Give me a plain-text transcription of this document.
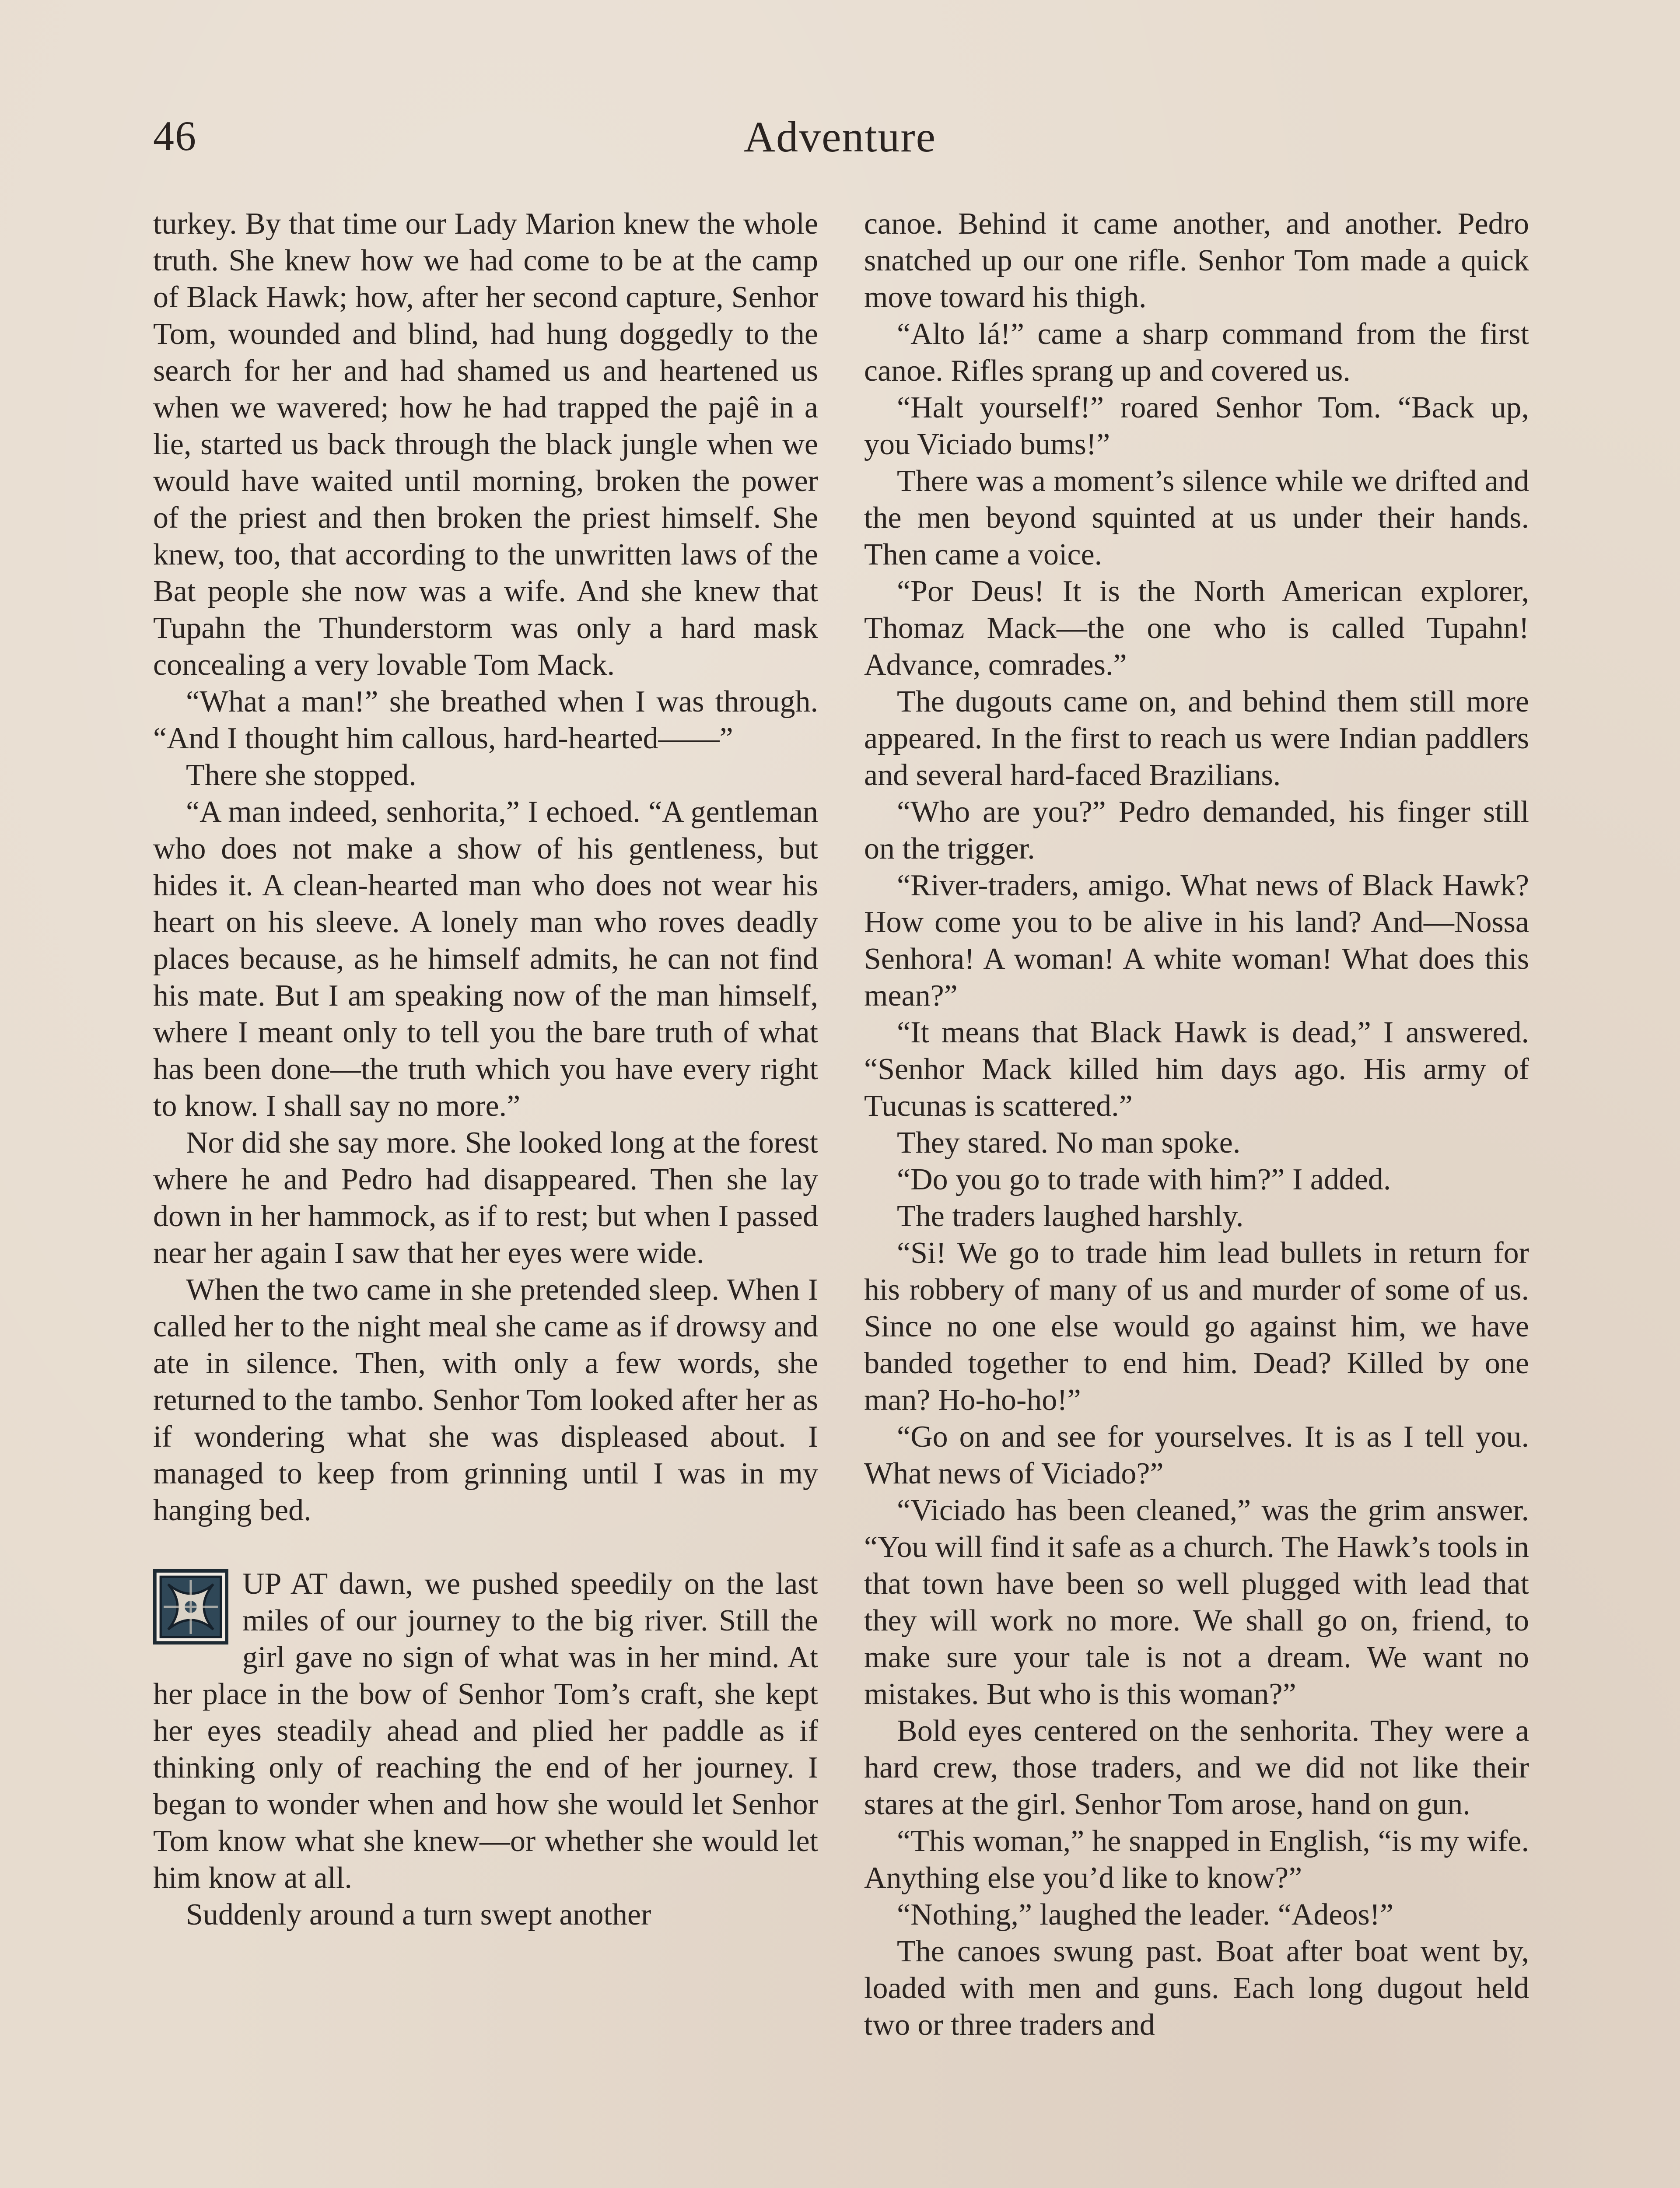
46	Adventure

turkey. By that time our Lady Marion knew the whole truth. She knew how we had come to be at the camp of Black Hawk; how, after her second capture, Senhor Tom, wounded and blind, had hung doggedly to the search for her and had shamed us and heartened us when we wavered; how he had trapped the pajê in a lie, started us back through the black jungle when we would have waited until morning, broken the power of the priest and then broken the priest himself. She knew, too, that according to the unwritten laws of the Bat people she now was a wife. And she knew that Tupahn the Thunderstorm was only a hard mask concealing a very lovable Tom Mack.

“What a man!” she breathed when I was through. “And I thought him callous, hard-hearted——”

There she stopped.

“A man indeed, senhorita,” I echoed. “A gentleman who does not make a show of his gentleness, but hides it. A clean-hearted man who does not wear his heart on his sleeve. A lonely man who roves deadly places because, as he himself admits, he can not find his mate. But I am speaking now of the man himself, where I meant only to tell you the bare truth of what has been done—the truth which you have every right to know. I shall say no more.”

Nor did she say more. She looked long at the forest where he and Pedro had disappeared. Then she lay down in her hammock, as if to rest; but when I passed near her again I saw that her eyes were wide.

When the two came in she pretended sleep. When I called her to the night meal she came as if drowsy and ate in silence. Then, with only a few words, she returned to the tambo. Senhor Tom looked after her as if wondering what she was displeased about. I managed to keep from grinning until I was in my hanging bed.

UP AT dawn, we pushed speedily on the last miles of our journey to the big river. Still the girl gave no sign of what was in her mind. At her place in the bow of Senhor Tom’s craft, she kept her eyes steadily ahead and plied her paddle as if thinking only of reaching the end of her journey. I began to wonder when and how she would let Senhor Tom know what she knew—or whether she would let him know at all.

Suddenly around a turn swept another

canoe. Behind it came another, and another. Pedro snatched up our one rifle. Senhor Tom made a quick move toward his thigh.

“Alto lá!” came a sharp command from the first canoe. Rifles sprang up and covered us.

“Halt yourself!” roared Senhor Tom. “Back up, you Viciado bums!”

There was a moment’s silence while we drifted and the men beyond squinted at us under their hands. Then came a voice.

“Por Deus! It is the North American explorer, Thomaz Mack—the one who is called Tupahn! Advance, comrades.”

The dugouts came on, and behind them still more appeared. In the first to reach us were Indian paddlers and several hard-faced Brazilians.

“Who are you?” Pedro demanded, his finger still on the trigger.

“River-traders, amigo. What news of Black Hawk? How come you to be alive in his land? And—Nossa Senhora! A woman! A white woman! What does this mean?”

“It means that Black Hawk is dead,” I answered. “Senhor Mack killed him days ago. His army of Tucunas is scattered.”

They stared. No man spoke.

“Do you go to trade with him?” I added.

The traders laughed harshly.

“Si! We go to trade him lead bullets in return for his robbery of many of us and murder of some of us. Since no one else would go against him, we have banded together to end him. Dead? Killed by one man? Ho-ho-ho!”

“Go on and see for yourselves. It is as I tell you. What news of Viciado?”

“Viciado has been cleaned,” was the grim answer. “You will find it safe as a church. The Hawk’s tools in that town have been so well plugged with lead that they will work no more. We shall go on, friend, to make sure your tale is not a dream. We want no mistakes. But who is this woman?”

Bold eyes centered on the senhorita. They were a hard crew, those traders, and we did not like their stares at the girl. Senhor Tom arose, hand on gun.

“This woman,” he snapped in English, “is my wife. Anything else you’d like to know?”

“Nothing,” laughed the leader. “Adeos!”

The canoes swung past. Boat after boat went by, loaded with men and guns. Each long dugout held two or three traders and
